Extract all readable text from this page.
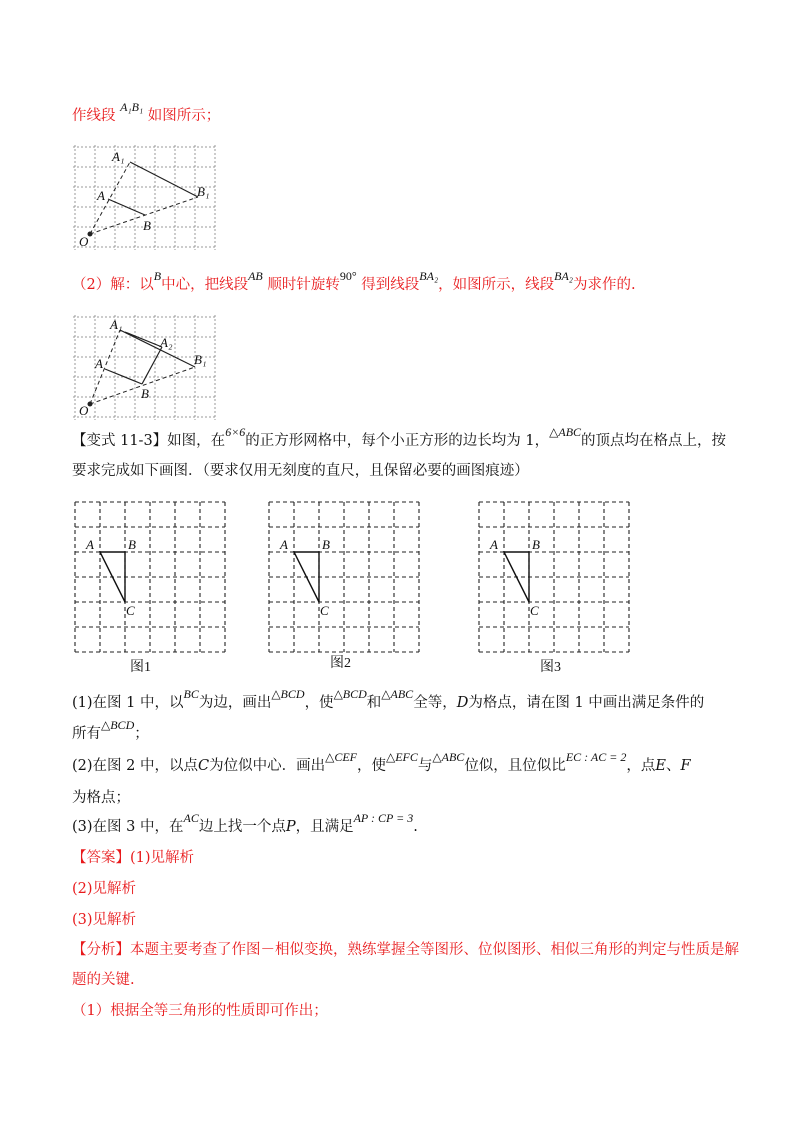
作线段 $^{A_1B_1}$ 如图所示；
A₁
A	B₁
B
O
（2）解：以$^B$中心，把线段$^{AB}$ 顺时针旋转$^{90^\circ}$ 得到线段$^{BA_2}$，如图所示，线段$^{BA_2}$为求作的.
A₁
A₂
A	B₁
B
O
【变式 11-3】如图，在$^{6\times 6}$的正方形网格中，每个小正方形的边长均为 1，$^{\triangle ABC}$的顶点均在格点上，按
要求完成如下画图．（要求仅用无刻度的直尺，且保留必要的画图痕迹）
A	B
C
A	B
C
A	B
C
图1	图2	图3
(1)在图 1 中，以$^{BC}$为边，画出$^{\triangle BCD}$，使$^{\triangle BCD}$和$^{\triangle ABC}$全等，D为格点，请在图 1 中画出满足条件的
所有$^{\triangle BCD}$；
(2)在图 2 中，以点C为位似中心．画出$^{\triangle CEF}$，使$^{\triangle EFC}$与$^{\triangle ABC}$位似，且位似比$^{EC : AC = 2}$，点E、F
为格点；
(3)在图 3 中，在$^{AC}$边上找一个点P，且满足$^{AP : CP = 3}$.
【答案】(1)见解析
(2)见解析
(3)见解析
【分析】本题主要考查了作图－相似变换，熟练掌握全等图形、位似图形、相似三角形的判定与性质是解
题的关键.
（1）根据全等三角形的性质即可作出；
